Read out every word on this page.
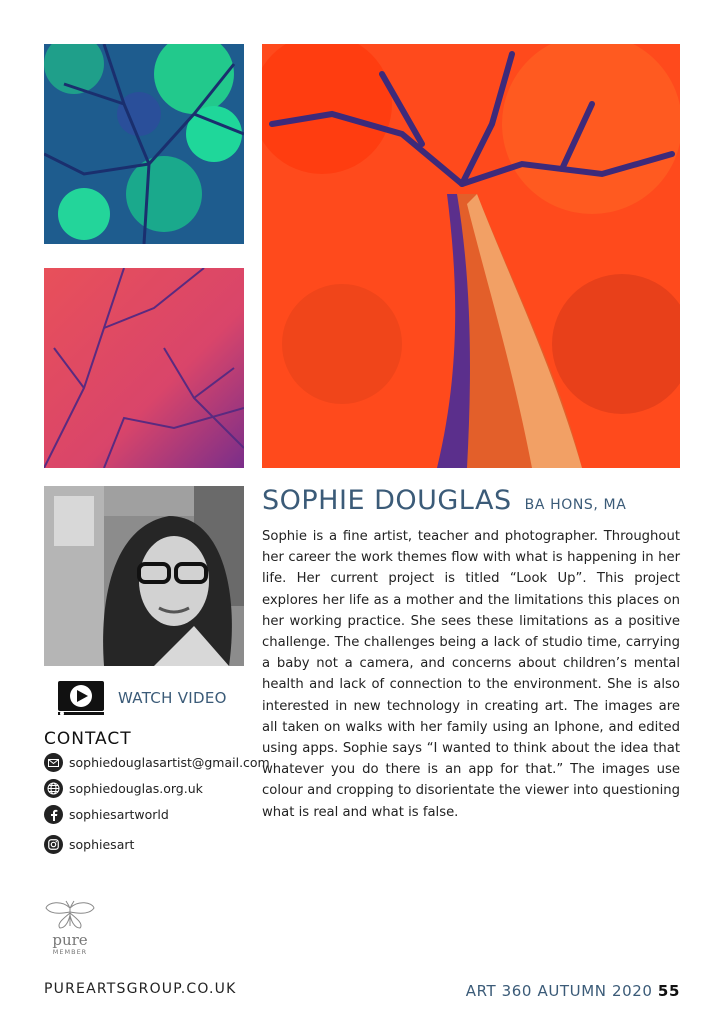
SOPHIE DOUGLAS BA HONS, MA
Sophie is a fine artist, teacher and photographer. Throughout her career the work themes flow with what is happening in her life. Her current project is titled “Look Up”. This project explores her life as a mother and the limitations this places on her working practice. She sees these limitations as a positive challenge. The challenges being a lack of studio time, carrying a baby not a camera, and concerns about children’s mental health and lack of connection to the environment. She is also interested in new technology in creating art. The images are all taken on walks with her family using an Iphone, and edited using apps. Sophie says “I wanted to think about the idea that whatever you do there is an app for that.” The images use colour and cropping to disorientate the viewer into questioning what is real and what is false.
WATCH VIDEO
CONTACT
sophiedouglasartist@gmail.com
sophiedouglas.org.uk
sophiesartworld
sophiesart
pure
MEMBER
PUREARTSGROUP.CO.UK	ART 360 AUTUMN 2020 55
